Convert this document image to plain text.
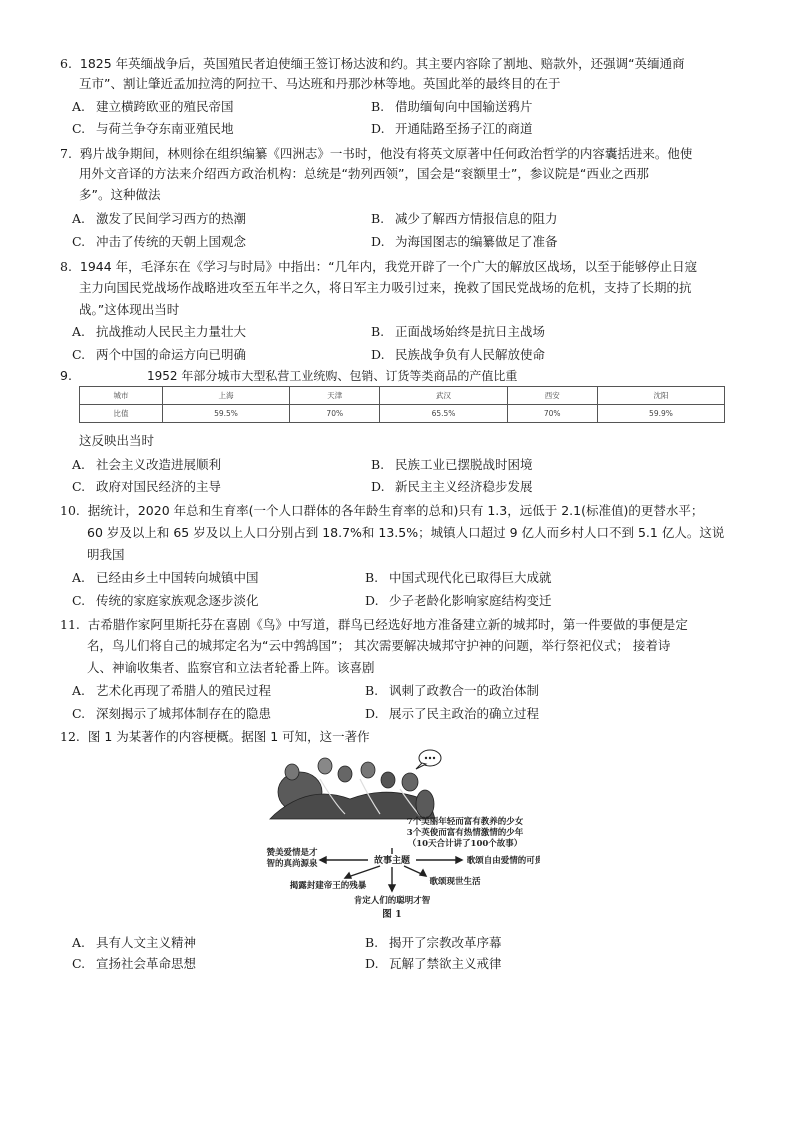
6. 1825 年英缅战争后，英国殖民者迫使缅王签订杨达波和约。其主要内容除了割地、赔款外，还强调“英缅通商
互市”、割让肇近孟加拉湾的阿拉干、马达班和丹那沙林等地。英国此举的最终目的在于
A. 建立横跨欧亚的殖民帝国	B. 借助缅甸向中国输送鸦片
C. 与荷兰争夺东南亚殖民地	D. 开通陆路至扬子江的商道
7. 鸦片战争期间，林则徐在组织编纂《四洲志》一书时，他没有将英文原著中任何政治哲学的内容囊括进来。他使
用外文音译的方法来介绍西方政治机构：总统是“勃列西领”，国会是“衮额里士”，参议院是“西业之西那
多”。这种做法
A. 激发了民间学习西方的热潮	B. 减少了解西方情报信息的阻力
C. 冲击了传统的天朝上国观念	D. 为海国图志的编纂做足了准备
8. 1944 年，毛泽东在《学习与时局》中指出：“几年内，我党开辟了一个广大的解放区战场，以至于能够停止日寇
主力向国民党战场作战略进攻至五年半之久，将日军主力吸引过来，挽救了国民党战场的危机，支持了长期的抗
战。”这体现出当时
A. 抗战推动人民民主力量壮大	B. 正面战场始终是抗日主战场
C. 两个中国的命运方向已明确	D. 民族战争负有人民解放使命
9.	1952 年部分城市大型私营工业统购、包销、订货等类商品的产值比重
城市	上海	天津	武汉	西安	沈阳
比值	59.5%	70%	65.5%	70%	59.9%
这反映出当时
A. 社会主义改造进展顺利	B. 民族工业已摆脱战时困境
C. 政府对国民经济的主导	D. 新民主主义经济稳步发展
10. 据统计，2020 年总和生育率(一个人口群体的各年龄生育率的总和)只有 1.3，远低于 2.1(标准值)的更替水平；
60 岁及以上和 65 岁及以上人口分别占到 18.7%和 13.5%；城镇人口超过 9 亿人而乡村人口不到 5.1 亿人。这说
明我国
A. 已经由乡土中国转向城镇中国	B. 中国式现代化已取得巨大成就
C. 传统的家庭家族观念逐步淡化	D. 少子老龄化影响家庭结构变迁
11. 古希腊作家阿里斯托芬在喜剧《鸟》中写道，群鸟已经选好地方准备建立新的城邦时，第一件要做的事便是定
名，鸟儿们将自己的城邦定名为“云中鹁鸪国”； 其次需要解决城邦守护神的问题，举行祭祀仪式； 接着诗
人、神谕收集者、监察官和立法者轮番上阵。该喜剧
A. 艺术化再现了希腊人的殖民过程	B. 讽刺了政教合一的政治体制
C. 深刻揭示了城邦体制存在的隐患	D. 展示了民主政治的确立过程
12. 图 1 为某著作的内容梗概。据图 1 可知，这一著作
7个美丽年轻而富有教养的少女
3个英俊而富有热情激情的少年
（10天合计讲了100个故事）
故事主题
赞美爱情是才
智的真尚源泉	歌颂自由爱情的可贵
揭露封建帝王的残暴	歌颂现世生活
肯定人们的聪明才智
图 1
A. 具有人文主义精神	B. 揭开了宗教改革序幕
C. 宣扬社会革命思想	D. 瓦解了禁欲主义戒律
